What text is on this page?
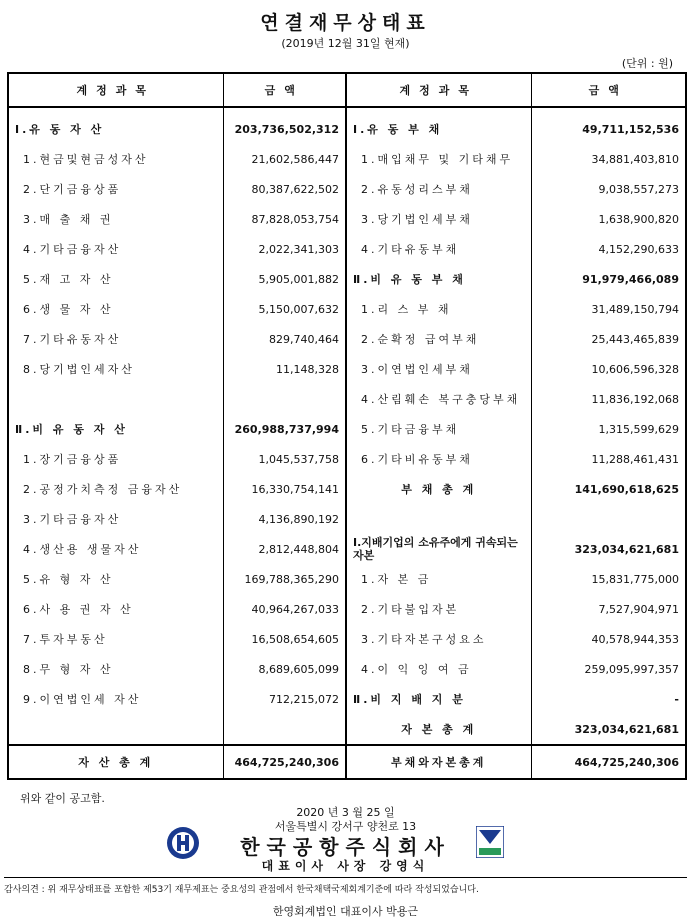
연결재무상태표
(2019년 12월 31일 현재)
(단위 : 원)
계정과목	금액	계정과목	금액
Ⅰ.유 동 자 산	203,736,502,312	Ⅰ.유 동 부 채	49,711,152,536
1.현금및현금성자산	21,602,586,447	1.매입채무 및 기타채무	34,881,403,810
2.단기금융상품	80,387,622,502	2.유동성리스부채	9,038,557,273
3.매 출 채 권	87,828,053,754	3.당기법인세부채	1,638,900,820
4.기타금융자산	2,022,341,303	4.기타유동부채	4,152,290,633
5.재 고 자 산	5,905,001,882	Ⅱ.비 유 동 부 채	91,979,466,089
6.생 물 자 산	5,150,007,632	1.리 스 부 채	31,489,150,794
7.기타유동자산	829,740,464	2.순확정 급여부채	25,443,465,839
8.당기법인세자산	11,148,328	3.이연법인세부채	10,606,596,328
		4.산림훼손 복구충당부채	11,836,192,068
Ⅱ.비 유 동 자 산	260,988,737,994	5.기타금융부채	1,315,599,629
1.장기금융상품	1,045,537,758	6.기타비유동부채	11,288,461,431
2.공정가치측정 금융자산	16,330,754,141	부 채 총 계	141,690,618,625
3.기타금융자산	4,136,890,192		
4.생산용 생물자산	2,812,448,804	Ⅰ.지배기업의 소유주에게 귀속되는 자본	323,034,621,681
5.유 형 자 산	169,788,365,290	1.자 본 금	15,831,775,000
6.사 용 권 자 산	40,964,267,033	2.기타불입자본	7,527,904,971
7.투자부동산	16,508,654,605	3.기타자본구성요소	40,578,944,353
8.무 형 자 산	8,689,605,099	4.이 익 잉 여 금	259,095,997,357
9.이연법인세 자산	712,215,072	Ⅱ.비 지 배 지 분	-
		자 본 총 계	323,034,621,681
자 산 총 계	464,725,240,306	부채와자본총계	464,725,240,306
위와 같이 공고함.
2020 년 3 월 25 일
서울특별시 강서구 양천로 13
한국공항주식회사
대표이사 사장 강영식
감사의견 : 위 재무상태표를 포함한 제53기 재무제표는 중요성의 관점에서 한국채택국제회계기준에 따라 작성되었습니다.
한영회계법인 대표이사 박용근
